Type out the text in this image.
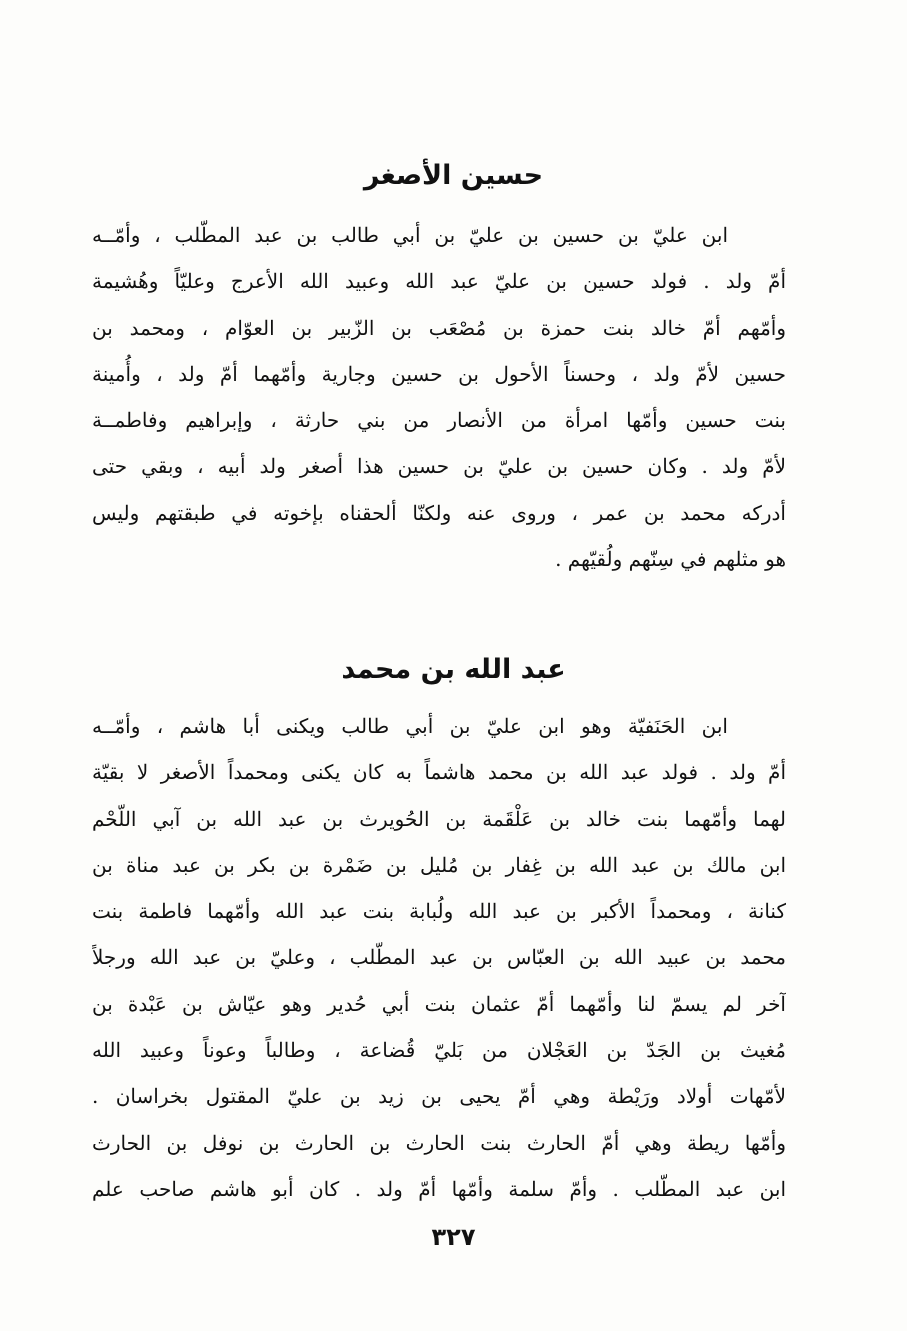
حسين الأصغر
ابن عليّ بن حسين بن عليّ بن أبي طالب بن عبد المطّلب ، وأمّــه
أمّ ولد . فولد حسين بن عليّ عبد الله وعبيد الله الأعرج وعليّاً وهُشيمة
وأمّهم أمّ خالد بنت حمزة بن مُصْعَب بن الزّبير بن العوّام ، ومحمد بن
حسين لأمّ ولد ، وحسناً الأحول بن حسين وجارية وأمّهما أمّ ولد ، وأُمينة
بنت حسين وأمّها امرأة من الأنصار من بني حارثة ، وإبراهيم وفاطمــة
لأمّ ولد . وكان حسين بن عليّ بن حسين هذا أصغر ولد أبيه ، وبقي حتى
أدركه محمد بن عمر ، وروى عنه ولكنّا ألحقناه بإخوته في طبقتهم وليس
هو مثلهم في سِنّهم ولُقيّهم .
عبد الله بن محمد
ابن الحَنَفيّة وهو ابن عليّ بن أبي طالب ويكنى أبا هاشم ، وأمّــه
أمّ ولد . فولد عبد الله بن محمد هاشماً به كان يكنى ومحمداً الأصغر لا بقيّة
لهما وأمّهما بنت خالد بن عَلْقَمة بن الحُويرث بن عبد الله بن آبي اللّحْم
ابن مالك بن عبد الله بن غِفار بن مُليل بن ضَمْرة بن بكر بن عبد مناة بن
كنانة ، ومحمداً الأكبر بن عبد الله ولُبابة بنت عبد الله وأمّهما فاطمة بنت
محمد بن عبيد الله بن العبّاس بن عبد المطّلب ، وعليّ بن عبد الله ورجلاً
آخر لم يسمّ لنا وأمّهما أمّ عثمان بنت أبي حُدير وهو عيّاش بن عَبْدة بن
مُغيث بن الجَدّ بن العَجْلان من بَليّ قُضاعة ، وطالباً وعوناً وعبيد الله
لأمّهات أولاد ورَيْطة وهي أمّ يحيى بن زيد بن عليّ المقتول بخراسان .
وأمّها ريطة وهي أمّ الحارث بنت الحارث بن الحارث بن نوفل بن الحارث
ابن عبد المطّلب . وأمّ سلمة وأمّها أمّ ولد . كان أبو هاشم صاحب علم
٣٢٧
